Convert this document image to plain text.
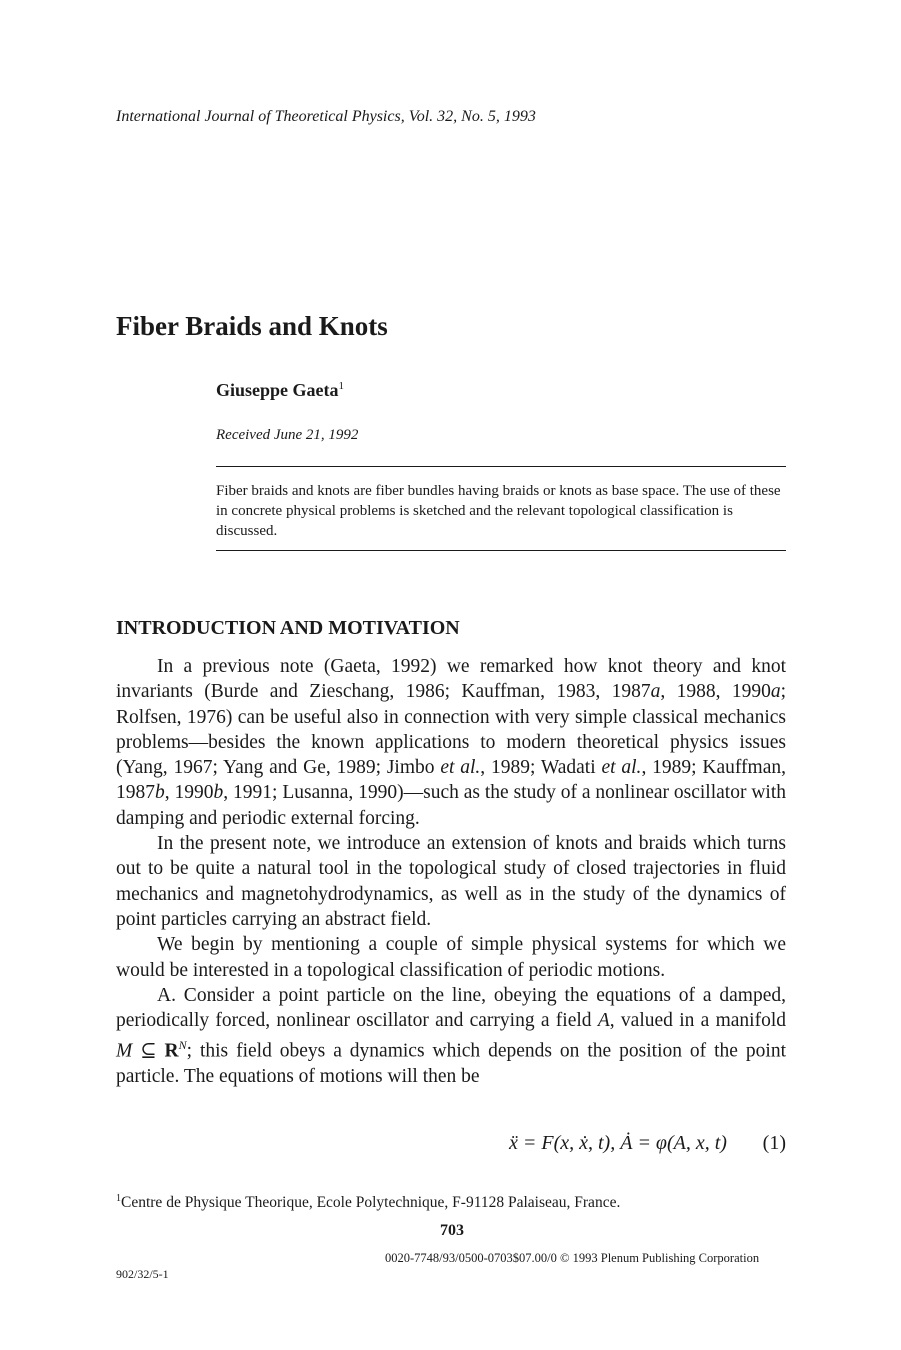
International Journal of Theoretical Physics, Vol. 32, No. 5, 1993
Fiber Braids and Knots
Giuseppe Gaeta$^1$
Received June 21, 1992
Fiber braids and knots are fiber bundles having braids or knots as base space. The use of these in concrete physical problems is sketched and the relevant topological classification is discussed.
INTRODUCTION AND MOTIVATION

In a previous note (Gaeta, 1992) we remarked how knot theory and knot invariants (Burde and Zieschang, 1986; Kauffman, 1983, 1987a, 1988, 1990a; Rolfsen, 1976) can be useful also in connection with very simple classical mechanics problems—besides the known applications to modern theoretical physics issues (Yang, 1967; Yang and Ge, 1989; Jimbo et al., 1989; Wadati et al., 1989; Kauffman, 1987b, 1990b, 1991; Lusanna, 1990)—such as the study of a nonlinear oscillator with damping and periodic external forcing.

In the present note, we introduce an extension of knots and braids which turns out to be quite a natural tool in the topological study of closed trajectories in fluid mechanics and magnetohydrodynamics, as well as in the study of the dynamics of point particles carrying an abstract field.

We begin by mentioning a couple of simple physical systems for which we would be interested in a topological classification of periodic motions.

A. Consider a point particle on the line, obeying the equations of a damped, periodically forced, nonlinear oscillator and carrying a field A, valued in a manifold M ⊆ $R^N$; this field obeys a dynamics which depends on the position of the point particle. The equations of motions will then be

ẍ = F(x, ẋ, t), Ȧ = φ(A, x, t) (1)
$^1$Centre de Physique Theorique, Ecole Polytechnique, F-91128 Palaiseau, France.
703
0020-7748/93/0500-0703$07.00/0 © 1993 Plenum Publishing Corporation
902/32/5-1
